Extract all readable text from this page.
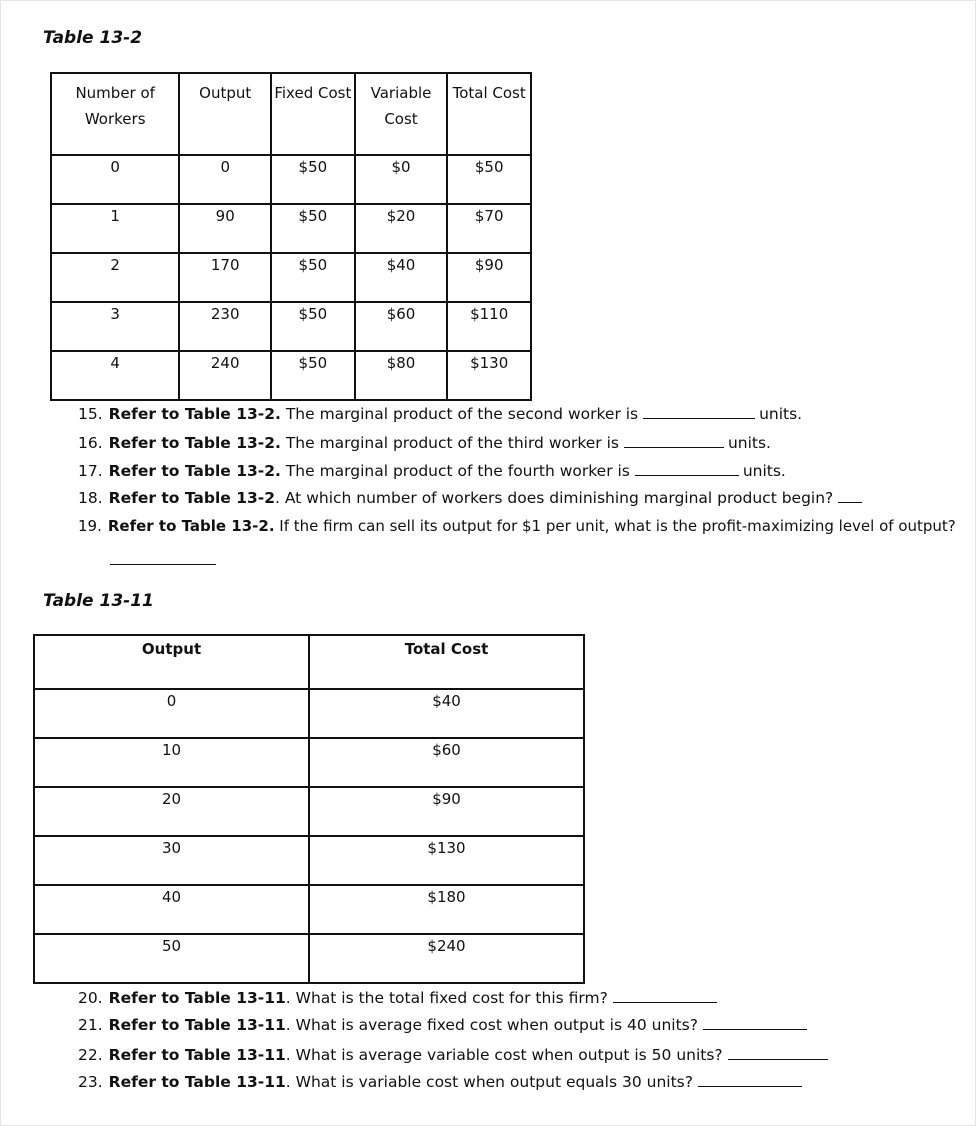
Table 13-2
Number of Workers	Output	Fixed Cost	Variable Cost	Total Cost
0	0	$50	$0	$50
1	90	$50	$20	$70
2	170	$50	$40	$90
3	230	$50	$60	$110
4	240	$50	$80	$130
15. Refer to Table 13-2. The marginal product of the second worker is	units.
16. Refer to Table 13-2. The marginal product of the third worker is	units.
17. Refer to Table 13-2. The marginal product of the fourth worker is	units.
18. Refer to Table 13-2. At which number of workers does diminishing marginal product begin?
19. Refer to Table 13-2. If the firm can sell its output for $1 per unit, what is the profit-maximizing level of output?
Table 13-11
Output	Total Cost
0	$40
10	$60
20	$90
30	$130
40	$180
50	$240
20. Refer to Table 13-11. What is the total fixed cost for this firm?
21. Refer to Table 13-11. What is average fixed cost when output is 40 units?
22. Refer to Table 13-11. What is average variable cost when output is 50 units?
23. Refer to Table 13-11. What is variable cost when output equals 30 units?
